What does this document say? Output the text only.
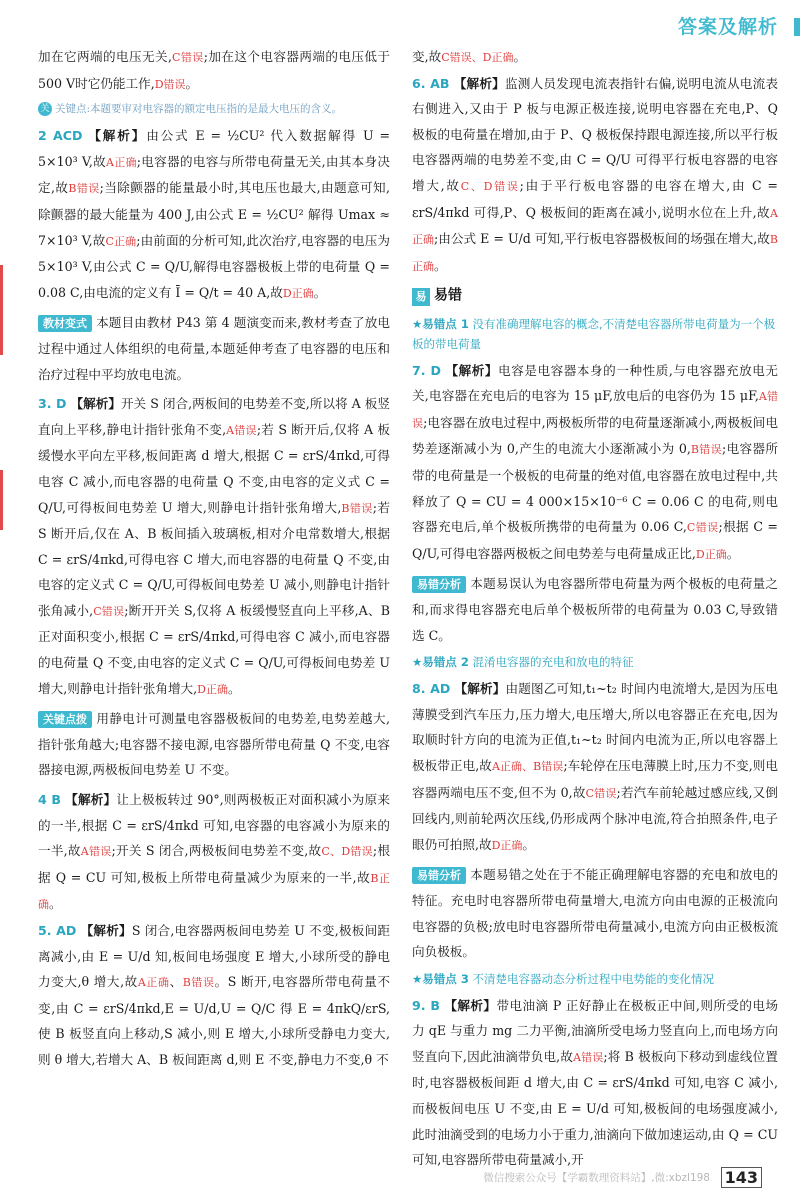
答案及解析

加在它两端的电压无关,C错误;加在这个电容器两端的电压低于500 V时它仍能工作,D错误。

关 关键点:本题要审对电容器的额定电压指的是最大电压的含义。

2 ACD 【解析】由公式 E = ½CU² 代入数据解得 U = 5×10³ V,故A正确;电容器的电容与所带电荷量无关,由其本身决定,故B错误;当除颤器的能量最小时,其电压也最大,由题意可知,除颤器的最大能量为 400 J,由公式 E = ½CU² 解得 Umax ≈ 7×10³ V,故C正确;由前面的分析可知,此次治疗,电容器的电压为 5×10³ V,由公式 C = Q/U,解得电容器极板上带的电荷量 Q = 0.08 C,由电流的定义有 Ī = Q/t = 40 A,故D正确。

教材变式 本题目由教材 P43 第 4 题演变而来,教材考查了放电过程中通过人体组织的电荷量,本题延伸考查了电容器的电压和治疗过程中平均放电电流。

3. D 【解析】开关 S 闭合,两板间的电势差不变,所以将 A 板竖直向上平移,静电计指针张角不变,A错误;若 S 断开后,仅将 A 板缓慢水平向左平移,板间距离 d 增大,根据 C = εrS/4πkd,可得电容 C 减小,而电容器的电荷量 Q 不变,由电容的定义式 C = Q/U,可得板间电势差 U 增大,则静电计指针张角增大,B错误;若 S 断开后,仅在 A、B 板间插入玻璃板,相对介电常数增大,根据 C = εrS/4πkd,可得电容 C 增大,而电容器的电荷量 Q 不变,由电容的定义式 C = Q/U,可得板间电势差 U 减小,则静电计指针张角减小,C错误;断开开关 S,仅将 A 板缓慢竖直向上平移,A、B 正对面积变小,根据 C = εrS/4πkd,可得电容 C 减小,而电容器的电荷量 Q 不变,由电容的定义式 C = Q/U,可得板间电势差 U 增大,则静电计指针张角增大,D正确。

关键点拨 用静电计可测量电容器极板间的电势差,电势差越大,指针张角越大;电容器不接电源,电容器所带电荷量 Q 不变,电容器接电源,两极板间电势差 U 不变。

4 B 【解析】让上极板转过 90°,则两极板正对面积减小为原来的一半,根据 C = εrS/4πkd 可知,电容器的电容减小为原来的一半,故A错误;开关 S 闭合,两极板间电势差不变,故C、D错误;根据 Q = CU 可知,极板上所带电荷量减少为原来的一半,故B正确。

5. AD 【解析】S 闭合,电容器两板间电势差 U 不变,极板间距离减小,由 E = U/d 知,板间电场强度 E 增大,小球所受的静电力变大,θ 增大,故A正确、B错误。S 断开,电容器所带电荷量不变,由 C = εrS/4πkd,E = U/d,U = Q/C 得 E = 4πkQ/εrS,使 B 板竖直向上移动,S 减小,则 E 增大,小球所受静电力变大,则 θ 增大,若增大 A、B 板间距离 d,则 E 不变,静电力不变,θ 不

变,故C错误、D正确。

6. AB 【解析】监测人员发现电流表指针右偏,说明电流从电流表右侧进入,又由于 P 板与电源正极连接,说明电容器在充电,P、Q 极板的电荷量在增加,由于 P、Q 极板保持跟电源连接,所以平行板电容器两端的电势差不变,由 C = Q/U 可得平行板电容器的电容增大,故C、D错误;由于平行板电容器的电容在增大,由 C = εrS/4πkd 可得,P、Q 极板间的距离在减小,说明水位在上升,故A正确;由公式 E = U/d 可知,平行板电容器极板间的场强在增大,故B正确。

易 易错
★易错点 1 没有准确理解电容的概念,不清楚电容器所带电荷量为一个极板的带电荷量

7. D 【解析】电容是电容器本身的一种性质,与电容器充放电无关,电容器在充电后的电容为 15 μF,放电后的电容仍为 15 μF,A错误;电容器在放电过程中,两极板所带的电荷量逐渐减小,两极板间电势差逐渐减小为 0,产生的电流大小逐渐减小为 0,B错误;电容器所带的电荷量是一个极板的电荷量的绝对值,电容器在放电过程中,共释放了 Q = CU = 4 000×15×10⁻⁶ C = 0.06 C 的电荷,则电容器充电后,单个极板所携带的电荷量为 0.06 C,C错误;根据 C = Q/U,可得电容器两极板之间电势差与电荷量成正比,D正确。

易错分析 本题易误认为电容器所带电荷量为两个极板的电荷量之和,而求得电容器充电后单个极板所带的电荷量为 0.03 C,导致错选 C。

★易错点 2 混淆电容器的充电和放电的特征

8. AD 【解析】由题图乙可知,t₁~t₂ 时间内电流增大,是因为压电薄膜受到汽车压力,压力增大,电压增大,所以电容器正在充电,因为取顺时针方向的电流为正值,t₁~t₂ 时间内电流为正,所以电容器上极板带正电,故A正确、B错误;车轮停在压电薄膜上时,压力不变,则电容器两端电压不变,但不为 0,故C错误;若汽车前轮越过感应线,又倒回线内,则前轮两次压线,仍形成两个脉冲电流,符合拍照条件,电子眼仍可拍照,故D正确。

易错分析 本题易错之处在于不能正确理解电容器的充电和放电的特征。充电时电容器所带电荷量增大,电流方向由电源的正极流向电容器的负极;放电时电容器所带电荷量减小,电流方向由正极板流向负极板。

★易错点 3 不清楚电容器动态分析过程中电势能的变化情况

9. B 【解析】带电油滴 P 正好静止在极板正中间,则所受的电场力 qE 与重力 mg 二力平衡,油滴所受电场力竖直向上,而电场方向竖直向下,因此油滴带负电,故A错误;将 B 极板向下移动到虚线位置时,电容器极板间距 d 增大,由 C = εrS/4πkd 可知,电容 C 减小,而极板间电压 U 不变,由 E = U/d 可知,极板间的电场强度减小,此时油滴受到的电场力小于重力,油滴向下做加速运动,由 Q = CU 可知,电容器所带电荷量减小,开

微信搜索公众号【学霸数理资料站】,微:xbzl198 143
